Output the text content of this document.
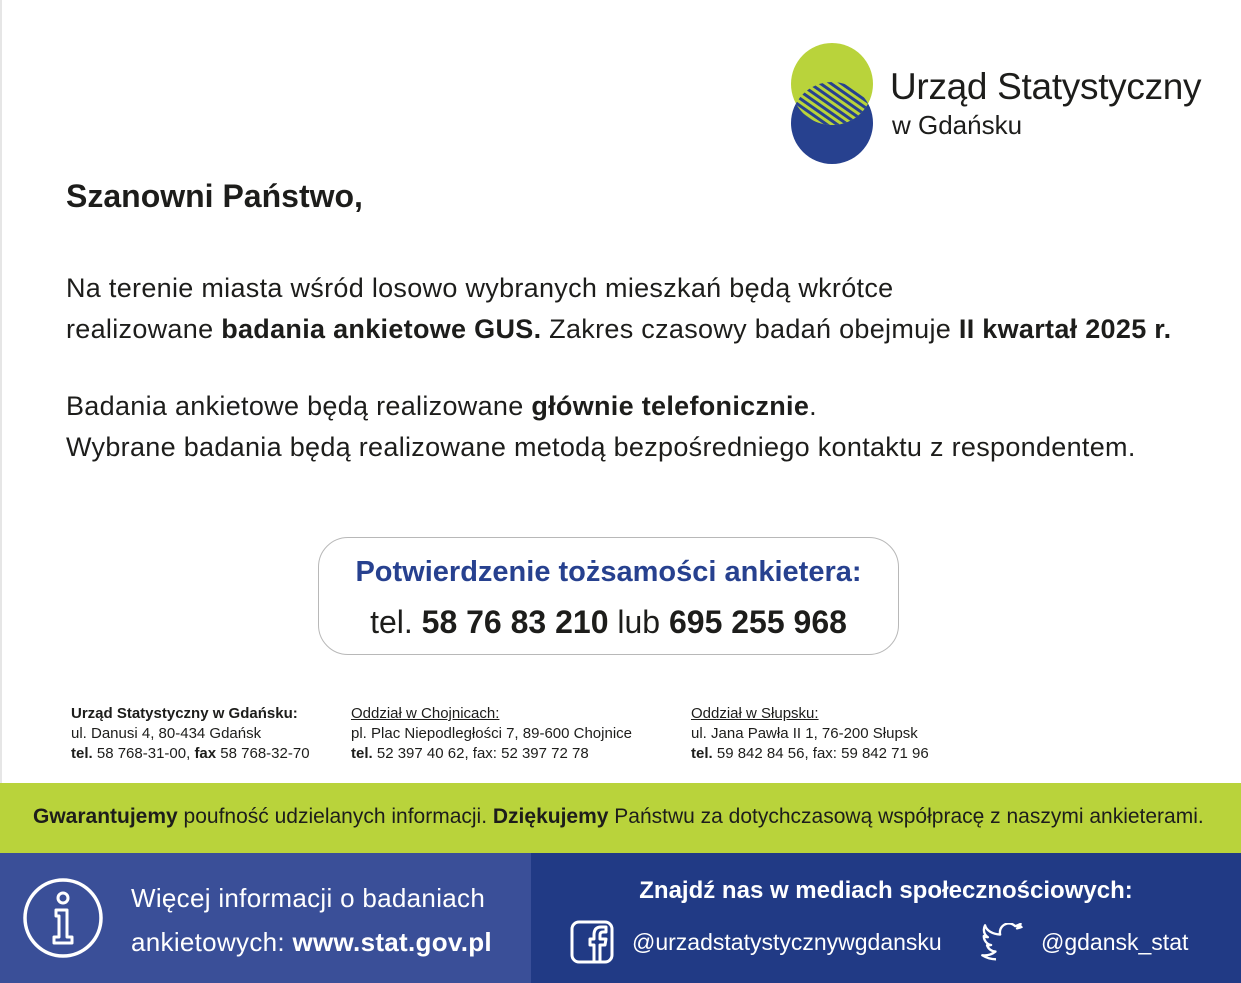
Urząd Statystyczny
w Gdańsku
Szanowni Państwo,
Na terenie miasta wśród losowo wybranych mieszkań będą wkrótce
realizowane badania ankietowe GUS. Zakres czasowy badań obejmuje II kwartał 2025 r.
Badania ankietowe będą realizowane głównie telefonicznie.
Wybrane badania będą realizowane metodą bezpośredniego kontaktu z respondentem.
Potwierdzenie tożsamości ankietera:
tel. 58 76 83 210 lub 695 255 968
Urząd Statystyczny w Gdańsku:
ul. Danusi 4, 80-434 Gdańsk
tel. 58 768-31-00, fax 58 768-32-70
Oddział w Chojnicach:
pl. Plac Niepodległości 7, 89-600 Chojnice
tel. 52 397 40 62, fax: 52 397 72 78
Oddział w Słupsku:
ul. Jana Pawła II 1, 76-200 Słupsk
tel. 59 842 84 56, fax: 59 842 71 96
Gwarantujemy poufność udzielanych informacji. Dziękujemy Państwu za dotychczasową współpracę z naszymi ankieterami.
Więcej informacji o badaniach
ankietowych: www.stat.gov.pl
Znajdź nas w mediach społecznościowych:
@urzadstatystycznywgdansku	@gdansk_stat
